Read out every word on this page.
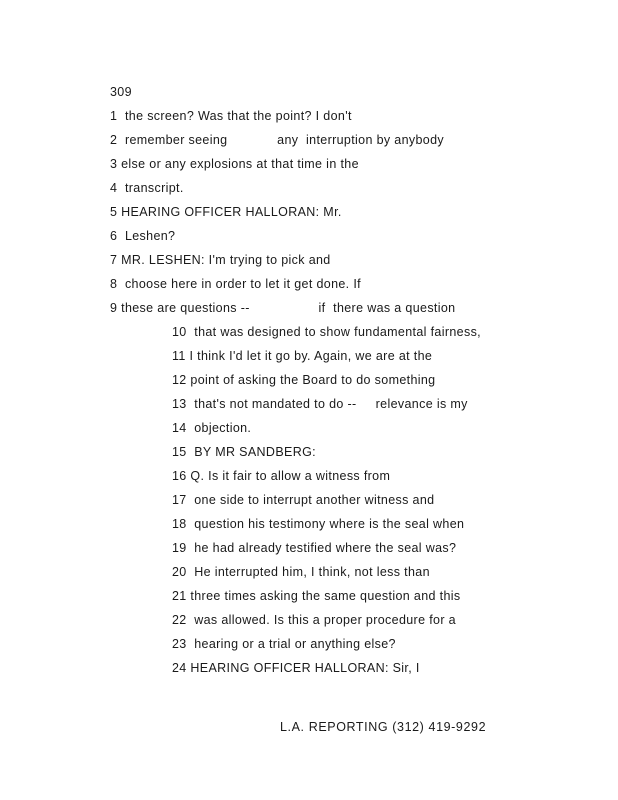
309
1  the screen? Was that the point? I don't
2  remember seeing             any  interruption by anybody
3 else or any explosions at that time in the
4  transcript.
5 HEARING OFFICER HALLORAN: Mr.
6  Leshen?
7 MR. LESHEN: I'm trying to pick and
8  choose here in order to let it get done. If
9 these are questions --                  if  there was a question
10  that was designed to show fundamental fairness,
11 I think I'd let it go by. Again, we are at the
12 point of asking the Board to do something
13  that's not mandated to do --     relevance is my
14  objection.
15  BY MR SANDBERG:
16 Q. Is it fair to allow a witness from
17  one side to interrupt another witness and
18  question his testimony where is the seal when
19  he had already testified where the seal was?
20  He interrupted him, I think, not less than
21 three times asking the same question and this
22  was allowed. Is this a proper procedure for a
23  hearing or a trial or anything else?
24 HEARING OFFICER HALLORAN: Sir, I
L.A. REPORTING (312) 419-9292
